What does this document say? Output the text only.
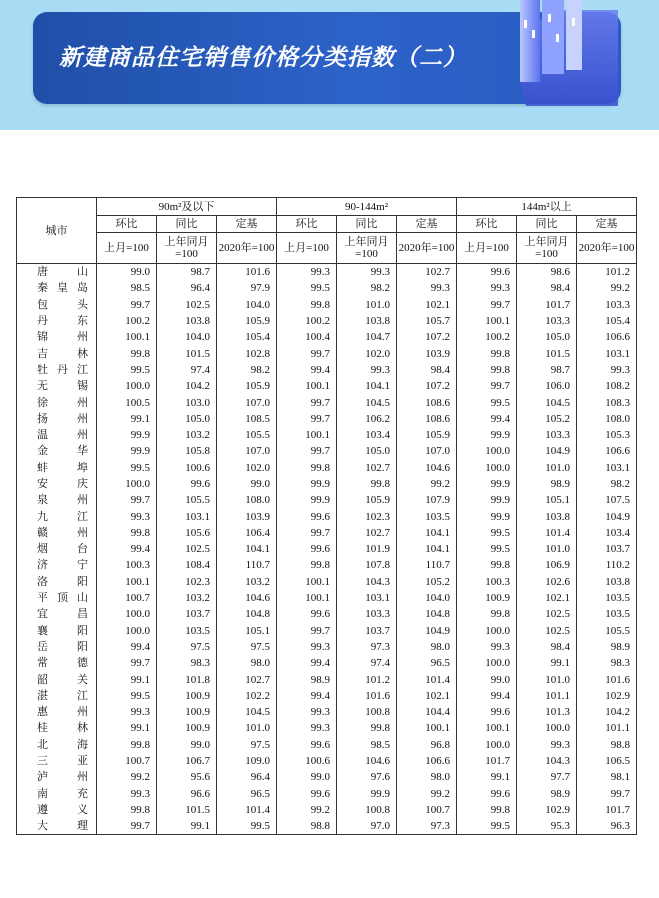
新建商品住宅销售价格分类指数（二）
城市	90m²及以下			90-144m²			144m²以上		
	环比	同比	定基	环比	同比	定基	环比	同比	定基
	上月=100	上年同月=100	2020年=100	上月=100	上年同月=100	2020年=100	上月=100	上年同月=100	2020年=100
唐山	99.0	98.7	101.6	99.3	99.3	102.7	99.6	98.6	101.2
秦皇岛	98.5	96.4	97.9	99.5	98.2	99.3	99.3	98.4	99.2
包头	99.7	102.5	104.0	99.8	101.0	102.1	99.7	101.7	103.3
丹东	100.2	103.8	105.9	100.2	103.8	105.7	100.1	103.3	105.4
锦州	100.1	104.0	105.4	100.4	104.7	107.2	100.2	105.0	106.6
吉林	99.8	101.5	102.8	99.7	102.0	103.9	99.8	101.5	103.1
牡丹江	99.5	97.4	98.2	99.4	99.3	98.4	99.8	98.7	99.3
无锡	100.0	104.2	105.9	100.1	104.1	107.2	99.7	106.0	108.2
徐州	100.5	103.0	107.0	99.7	104.5	108.6	99.5	104.5	108.3
扬州	99.1	105.0	108.5	99.7	106.2	108.6	99.4	105.2	108.0
温州	99.9	103.2	105.5	100.1	103.4	105.9	99.9	103.3	105.3
金华	99.9	105.8	107.0	99.7	105.0	107.0	100.0	104.9	106.6
蚌埠	99.5	100.6	102.0	99.8	102.7	104.6	100.0	101.0	103.1
安庆	100.0	99.6	99.0	99.9	99.8	99.2	99.9	98.9	98.2
泉州	99.7	105.5	108.0	99.9	105.9	107.9	99.9	105.1	107.5
九江	99.3	103.1	103.9	99.6	102.3	103.5	99.9	103.8	104.9
赣州	99.8	105.6	106.4	99.7	102.7	104.1	99.5	101.4	103.4
烟台	99.4	102.5	104.1	99.6	101.9	104.1	99.5	101.0	103.7
济宁	100.3	108.4	110.7	99.8	107.8	110.7	99.8	106.9	110.2
洛阳	100.1	102.3	103.2	100.1	104.3	105.2	100.3	102.6	103.8
平顶山	100.7	103.2	104.6	100.1	103.1	104.0	100.9	102.1	103.5
宜昌	100.0	103.7	104.8	99.6	103.3	104.8	99.8	102.5	103.5
襄阳	100.0	103.5	105.1	99.7	103.7	104.9	100.0	102.5	105.5
岳阳	99.4	97.5	97.5	99.3	97.3	98.0	99.3	98.4	98.9
常德	99.7	98.3	98.0	99.4	97.4	96.5	100.0	99.1	98.3
韶关	99.1	101.8	102.7	98.9	101.2	101.4	99.0	101.0	101.6
湛江	99.5	100.9	102.2	99.4	101.6	102.1	99.4	101.1	102.9
惠州	99.3	100.9	104.5	99.3	100.8	104.4	99.6	101.3	104.2
桂林	99.1	100.9	101.0	99.3	99.8	100.1	100.1	100.0	101.1
北海	99.8	99.0	97.5	99.6	98.5	96.8	100.0	99.3	98.8
三亚	100.7	106.7	109.0	100.6	104.6	106.6	101.7	104.3	106.5
泸州	99.2	95.6	96.4	99.0	97.6	98.0	99.1	97.7	98.1
南充	99.3	96.6	96.5	99.6	99.9	99.2	99.6	98.9	99.7
遵义	99.8	101.5	101.4	99.2	100.8	100.7	99.8	102.9	101.7
大理	99.7	99.1	99.5	98.8	97.0	97.3	99.5	95.3	96.3
